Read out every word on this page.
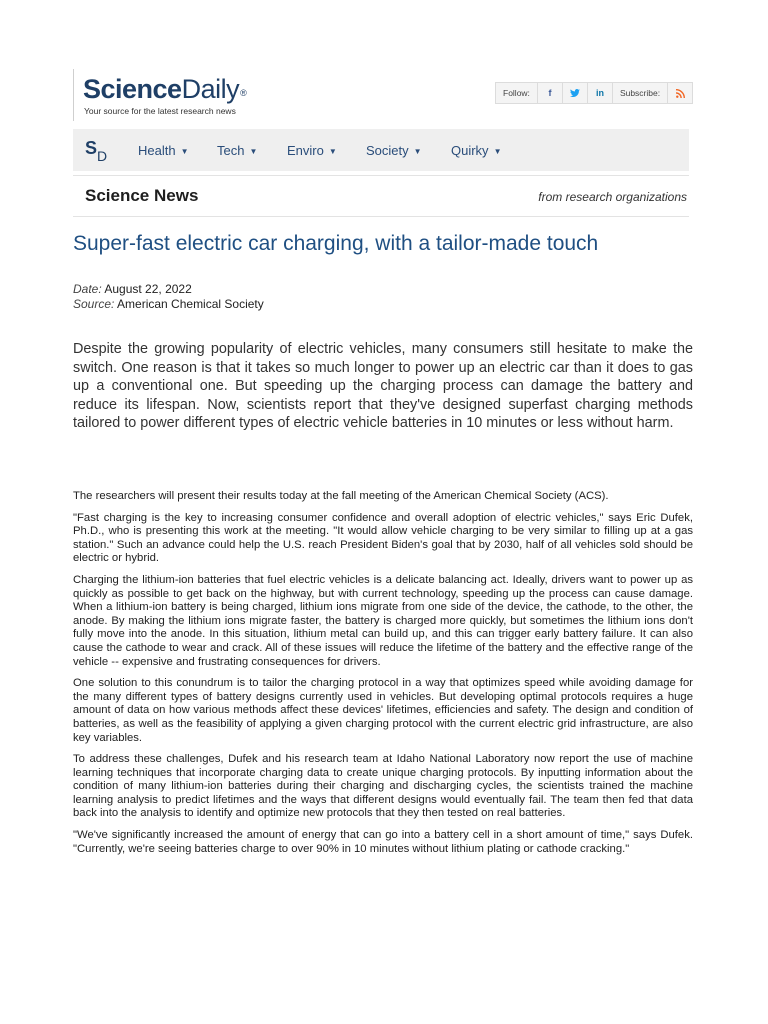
ScienceDaily®
Your source for the latest research news
Follow:	f	in	Subscribe:
$S_D$ Health ▼ Tech ▼ Enviro ▼ Society ▼ Quirky ▼
Science News	from research organizations
Super-fast electric car charging, with a tailor-made touch
Date: August 22, 2022
Source: American Chemical Society

Despite the growing popularity of electric vehicles, many consumers still hesitate to make the switch. One reason is that it takes so much longer to power up an electric car than it does to gas up a conventional one. But speeding up the charging process can damage the battery and reduce its lifespan. Now, scientists report that they've designed superfast charging methods tailored to power different types of electric vehicle batteries in 10 minutes or less without harm.

The researchers will present their results today at the fall meeting of the American Chemical Society (ACS).

"Fast charging is the key to increasing consumer confidence and overall adoption of electric vehicles," says Eric Dufek, Ph.D., who is presenting this work at the meeting. "It would allow vehicle charging to be very similar to filling up at a gas station." Such an advance could help the U.S. reach President Biden's goal that by 2030, half of all vehicles sold should be electric or hybrid.

Charging the lithium-ion batteries that fuel electric vehicles is a delicate balancing act. Ideally, drivers want to power up as quickly as possible to get back on the highway, but with current technology, speeding up the process can cause damage. When a lithium-ion battery is being charged, lithium ions migrate from one side of the device, the cathode, to the other, the anode. By making the lithium ions migrate faster, the battery is charged more quickly, but sometimes the lithium ions don't fully move into the anode. In this situation, lithium metal can build up, and this can trigger early battery failure. It can also cause the cathode to wear and crack. All of these issues will reduce the lifetime of the battery and the effective range of the vehicle -- expensive and frustrating consequences for drivers.

One solution to this conundrum is to tailor the charging protocol in a way that optimizes speed while avoiding damage for the many different types of battery designs currently used in vehicles. But developing optimal protocols requires a huge amount of data on how various methods affect these devices' lifetimes, efficiencies and safety. The design and condition of batteries, as well as the feasibility of applying a given charging protocol with the current electric grid infrastructure, are also key variables.

To address these challenges, Dufek and his research team at Idaho National Laboratory now report the use of machine learning techniques that incorporate charging data to create unique charging protocols. By inputting information about the condition of many lithium-ion batteries during their charging and discharging cycles, the scientists trained the machine learning analysis to predict lifetimes and the ways that different designs would eventually fail. The team then fed that data back into the analysis to identify and optimize new protocols that they then tested on real batteries.

"We've significantly increased the amount of energy that can go into a battery cell in a short amount of time," says Dufek. "Currently, we're seeing batteries charge to over 90% in 10 minutes without lithium plating or cathode cracking."
